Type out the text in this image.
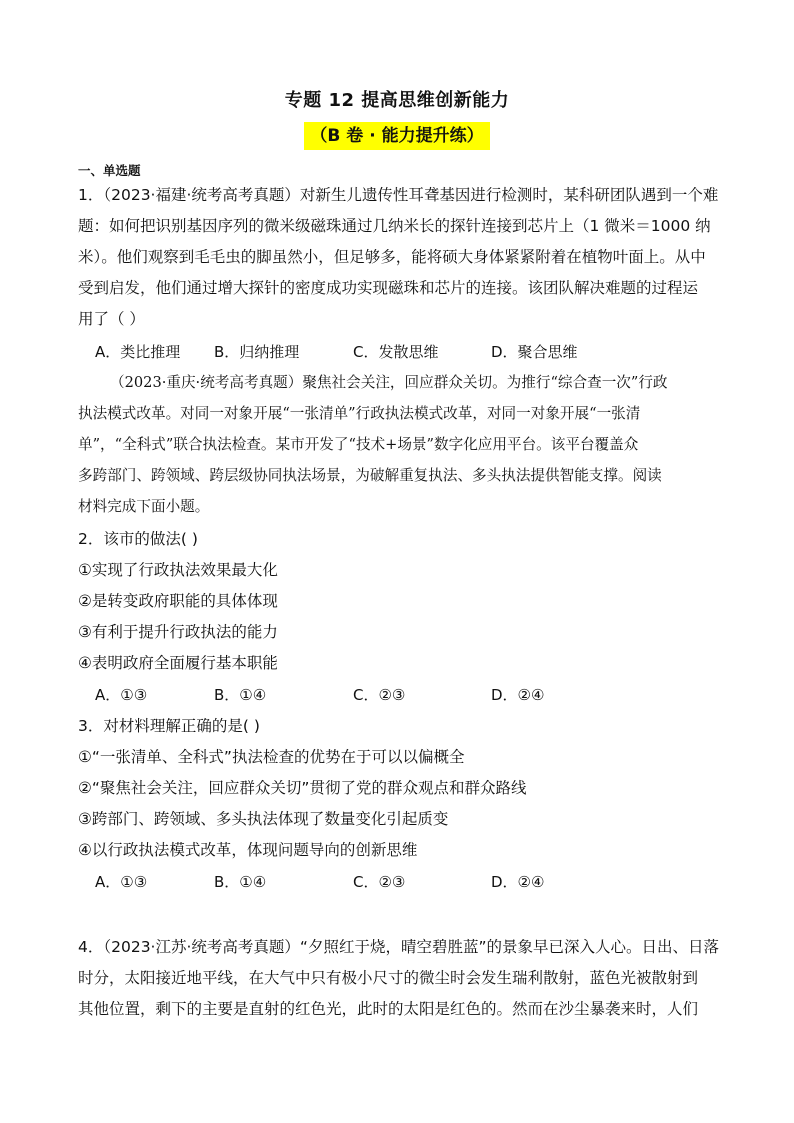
专题 12 提高思维创新能力
（B 卷 · 能力提升练）
一、单选题
1．（2023·福建·统考高考真题）对新生儿遗传性耳聋基因进行检测时，某科研团队遇到一个难
题：如何把识别基因序列的微米级磁珠通过几纳米长的探针连接到芯片上（1 微米＝1000 纳
米）。他们观察到毛毛虫的脚虽然小，但足够多，能将硕大身体紧紧附着在植物叶面上。从中
受到启发，他们通过增大探针的密度成功实现磁珠和芯片的连接。该团队解决难题的过程运
用了（ ）
A．类比推理 B．归纳推理	C．发散思维	D．聚合思维
（2023·重庆·统考高考真题）聚焦社会关注，回应群众关切。为推行“综合查一次”行政
执法模式改革。对同一对象开展“一张清单”行政执法模式改革，对同一对象开展“一张清
单”，“全科式”联合执法检查。某市开发了“技术+场景”数字化应用平台。该平台覆盖众
多跨部门、跨领域、跨层级协同执法场景，为破解重复执法、多头执法提供智能支撑。阅读
材料完成下面小题。
2．该市的做法( )
①实现了行政执法效果最大化
②是转变政府职能的具体体现
③有利于提升行政执法的能力
④表明政府全面履行基本职能
A．①③	B．①④	C．②③	D．②④
3．对材料理解正确的是( )
①“一张清单、全科式”执法检查的优势在于可以以偏概全
②“聚焦社会关注，回应群众关切”贯彻了党的群众观点和群众路线
③跨部门、跨领域、多头执法体现了数量变化引起质变
④以行政执法模式改革，体现问题导向的创新思维
A．①③	B．①④	C．②③	D．②④
4．（2023·江苏·统考高考真题）“夕照红于烧，晴空碧胜蓝”的景象早已深入人心。日出、日落
时分，太阳接近地平线，在大气中只有极小尺寸的微尘时会发生瑞利散射，蓝色光被散射到
其他位置，剩下的主要是直射的红色光，此时的太阳是红色的。然而在沙尘暴袭来时，人们
